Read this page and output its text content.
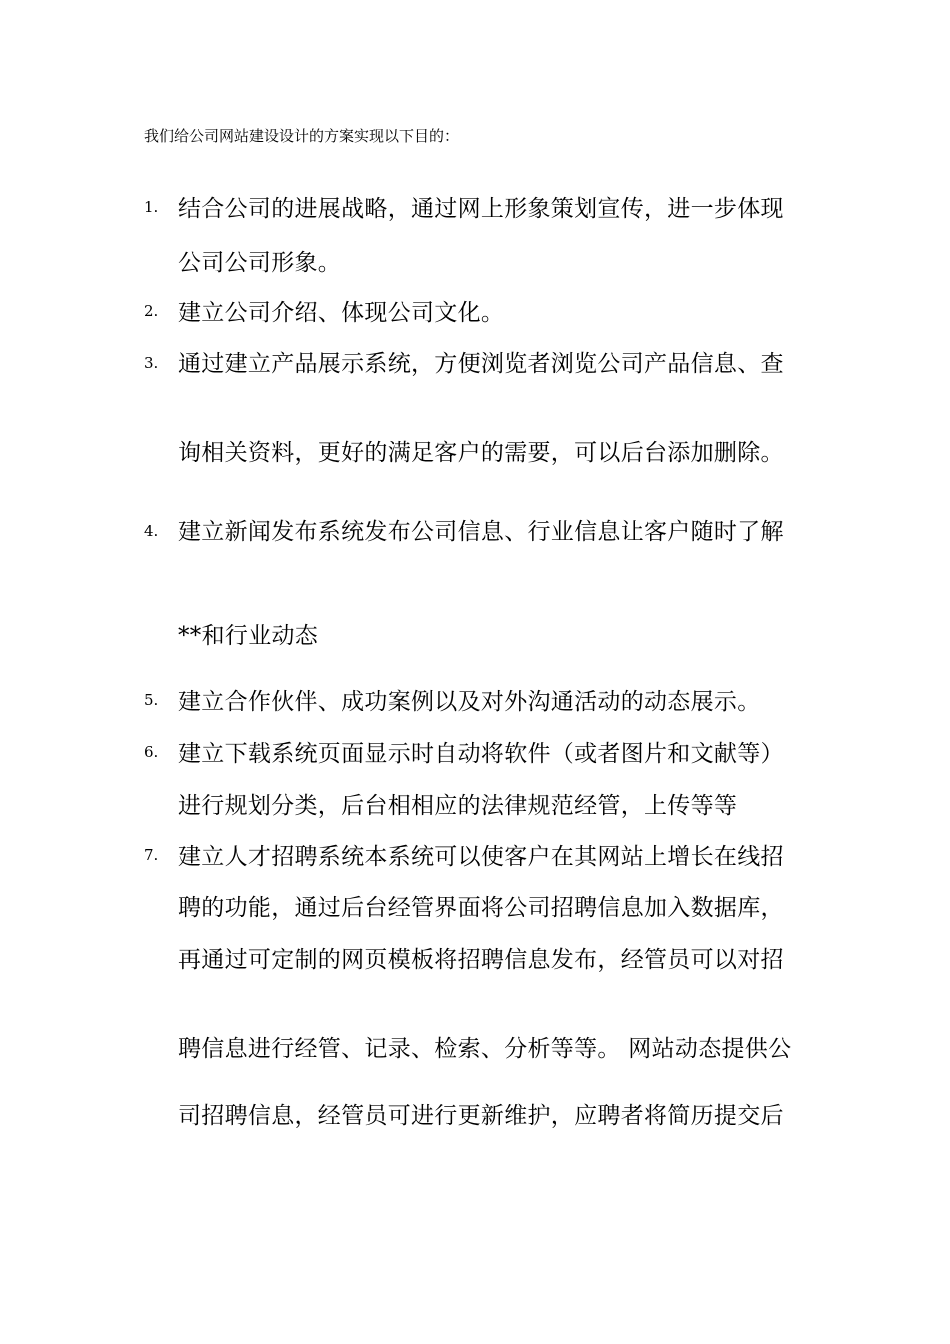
我们给公司网站建设设计的方案实现以下目的：

1. 结合公司的进展战略，通过网上形象策划宣传，进一步体现
公司公司形象。
2. 建立公司介绍、体现公司文化。
3. 通过建立产品展示系统，方便浏览者浏览公司产品信息、查
询相关资料，更好的满足客户的需要，可以后台添加删除。
4. 建立新闻发布系统发布公司信息、行业信息让客户随时了解
**和行业动态
5. 建立合作伙伴、成功案例以及对外沟通活动的动态展示。
6. 建立下载系统页面显示时自动将软件（或者图片和文献等）
进行规划分类，后台相相应的法律规范经管，上传等等
7. 建立人才招聘系统本系统可以使客户在其网站上增长在线招
聘的功能，通过后台经管界面将公司招聘信息加入数据库，
再通过可定制的网页模板将招聘信息发布，经管员可以对招
聘信息进行经管、记录、检索、分析等等。 网站动态提供公
司招聘信息，经管员可进行更新维护，应聘者将简历提交后
